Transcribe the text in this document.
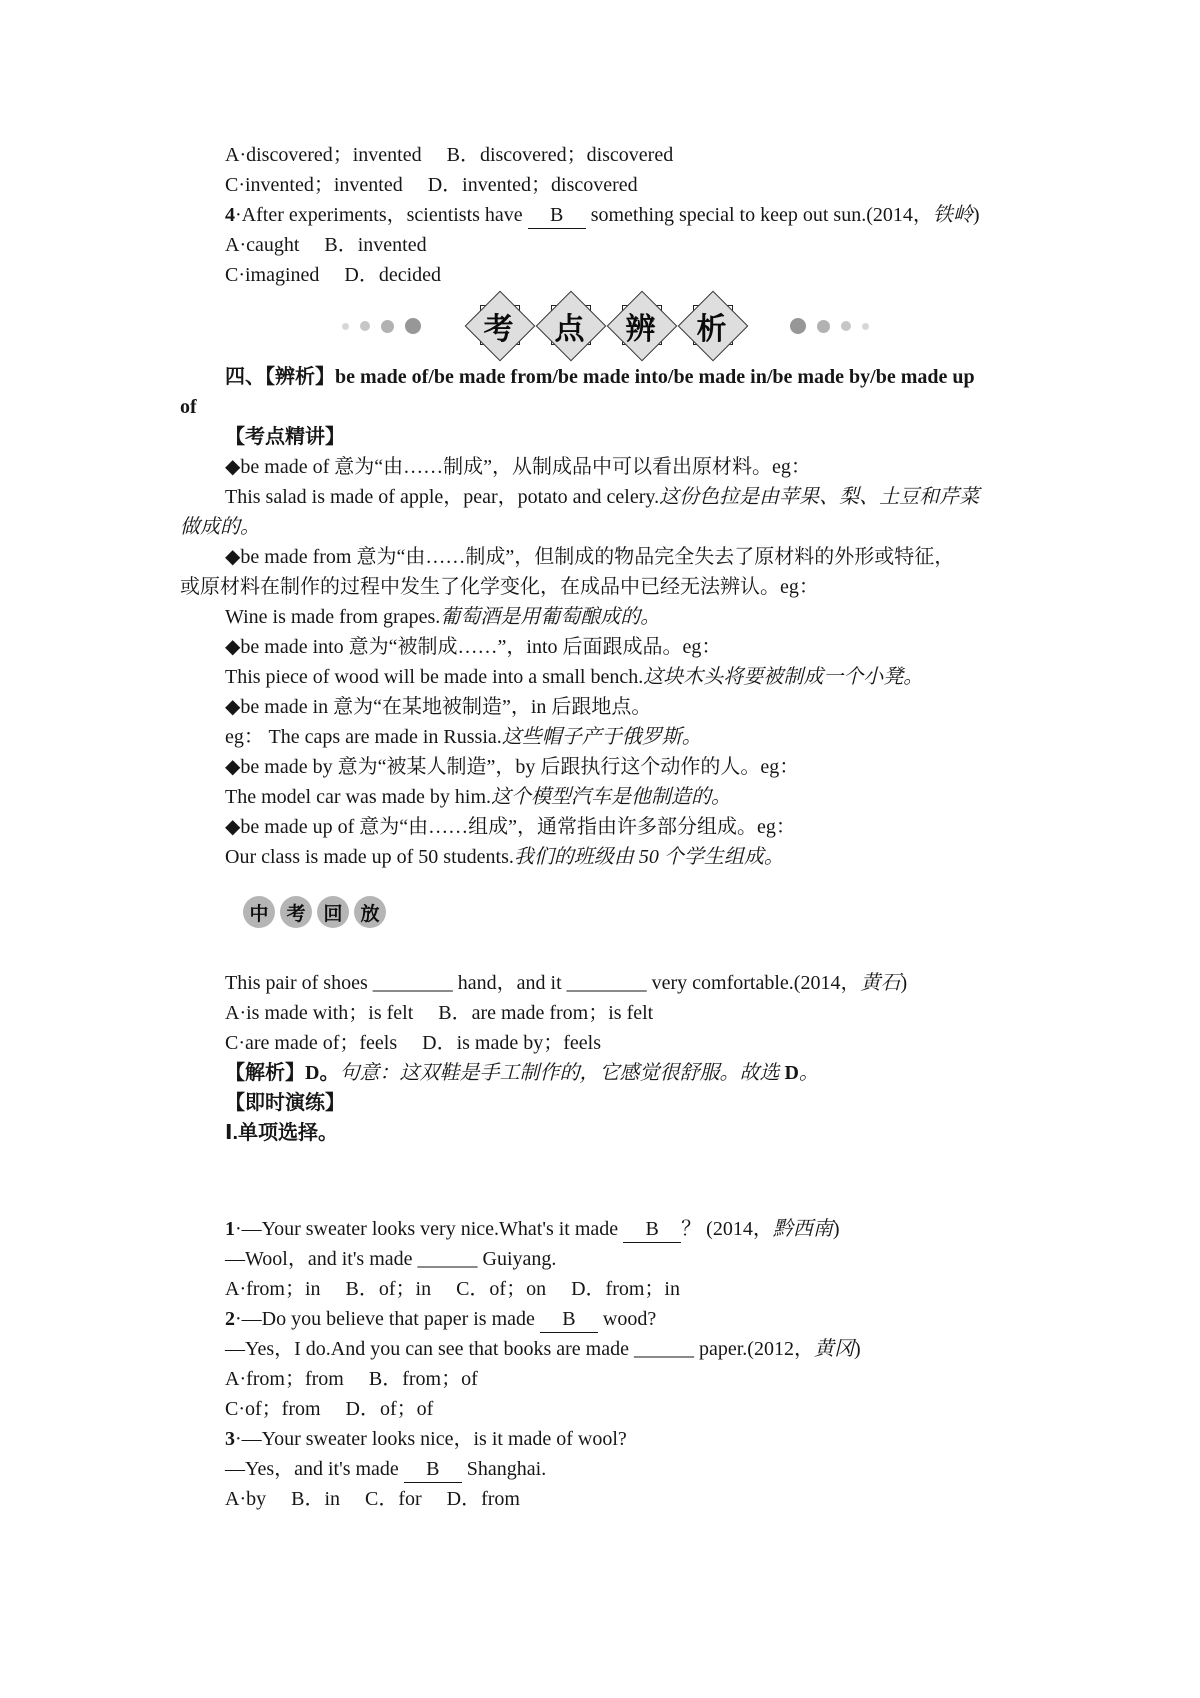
A·discovered；invented　 B．discovered；discovered
C·invented；invented　 D．invented；discovered
4·After experiments，scientists have B something special to keep out sun.(2014，铁岭)
A·caught　 B．invented
C·imagined　 D．decided
考	点	辨	析
四、【辨析】be made of/be made from/be made into/be made in/be made by/be made up
of
【考点精讲】
◆be made of 意为“由……制成”，从制成品中可以看出原材料。eg：
This salad is made of apple，pear，potato and celery.这份色拉是由苹果、梨、土豆和芹菜
做成的。
◆be made from 意为“由……制成”，但制成的物品完全失去了原材料的外形或特征，
或原材料在制作的过程中发生了化学变化，在成品中已经无法辨认。eg：
Wine is made from grapes.葡萄酒是用葡萄酿成的。
◆be made into 意为“被制成……”，into 后面跟成品。eg：
This piece of wood will be made into a small bench.这块木头将要被制成一个小凳。
◆be made in 意为“在某地被制造”，in 后跟地点。
eg： The caps are made in Russia.这些帽子产于俄罗斯。
◆be made by 意为“被某人制造”，by 后跟执行这个动作的人。eg：
The model car was made by him.这个模型汽车是他制造的。
◆be made up of 意为“由……组成”，通常指由许多部分组成。eg：
Our class is made up of 50 students.我们的班级由 50 个学生组成。
中 考 回 放
This pair of shoes ________ hand，and it ________ very comfortable.(2014，黄石)
A·is made with；is felt　 B．are made from；is felt
C·are made of；feels　 D．is made by；feels
【解析】D。句意：这双鞋是手工制作的，它感觉很舒服。故选 D。
【即时演练】
Ⅰ.单项选择。
1·—Your sweater looks very nice.What's it made B ？ (2014，黔西南)
—Wool，and it's made ______ Guiyang.
A·from；in　 B．of；in　 C．of；on　 D．from；in
2·—Do you believe that paper is made B wood?
—Yes，I do.And you can see that books are made ______ paper.(2012，黄冈)
A·from；from　 B．from；of
C·of；from　 D．of；of
3·—Your sweater looks nice，is it made of wool?
—Yes，and it's made B Shanghai.
A·by　 B．in　 C．for　 D．from
